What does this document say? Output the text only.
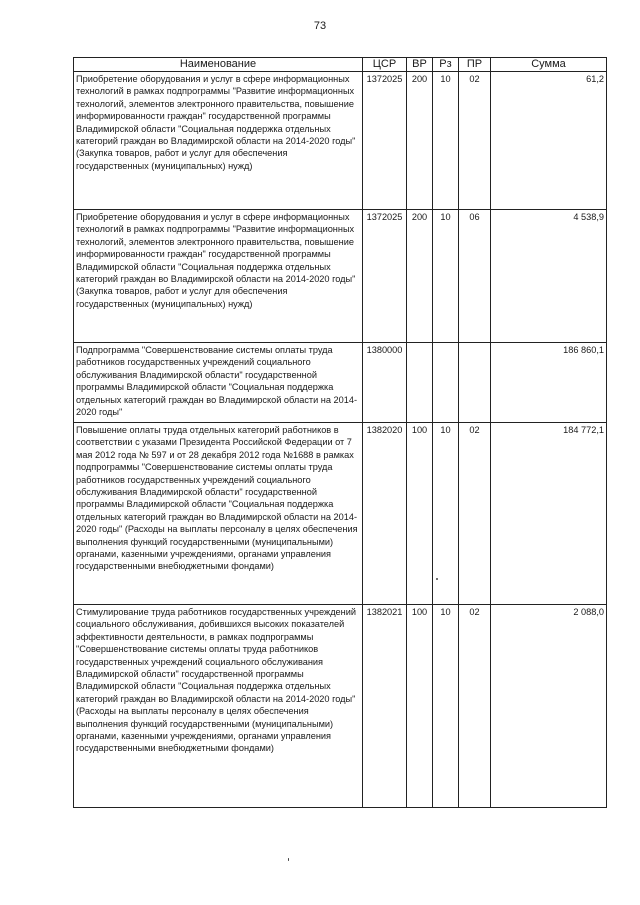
73
Наименование	ЦСР	ВР	Рз	ПР	Сумма
Приобретение оборудования и услуг в сфере информационных технологий в рамках подпрограммы "Развитие информационных технологий, элементов электронного правительства, повышение информированности граждан" государственной программы Владимирской области "Социальная поддержка отдельных категорий граждан во Владимирской области на 2014-2020 годы" (Закупка товаров, работ и услуг для обеспечения государственных (муниципальных) нужд)	1372025	200	10	02	61,2
Приобретение оборудования и услуг в сфере информационных технологий в рамках подпрограммы "Развитие информационных технологий, элементов электронного правительства, повышение информированности граждан" государственной программы Владимирской области "Социальная поддержка отдельных категорий граждан во Владимирской области на 2014-2020 годы" (Закупка товаров, работ и услуг для обеспечения государственных (муниципальных) нужд)	1372025	200	10	06	4 538,9
Подпрограмма "Совершенствование системы оплаты труда работников государственных учреждений социального обслуживания Владимирской области" государственной программы Владимирской области "Социальная поддержка отдельных категорий граждан во Владимирской области на 2014-2020 годы"	1380000				186 860,1
Повышение оплаты труда отдельных категорий работников в соответствии с указами Президента Российской Федерации от 7 мая 2012 года № 597 и от 28 декабря 2012 года №1688 в рамках подпрограммы "Совершенствование системы оплаты труда работников государственных учреждений социального обслуживания Владимирской области" государственной программы Владимирской области "Социальная поддержка отдельных категорий граждан во Владимирской области на 2014-2020 годы" (Расходы на выплаты персоналу в целях обеспечения выполнения функций государственными (муниципальными) органами, казенными учреждениями, органами управления государственными внебюджетными фондами)	1382020	100	10	02	184 772,1
Стимулирование труда работников государственных учреждений социального обслуживания, добившихся высоких показателей эффективности деятельности, в рамках подпрограммы "Совершенствование системы оплаты труда работников государственных учреждений социального обслуживания Владимирской области" государственной программы Владимирской области "Социальная поддержка отдельных категорий граждан во Владимирской области на 2014-2020 годы" (Расходы на выплаты персоналу в целях обеспечения выполнения функций государственными (муниципальными) органами, казенными учреждениями, органами управления государственными внебюджетными фондами)	1382021	100	10	02	2 088,0
